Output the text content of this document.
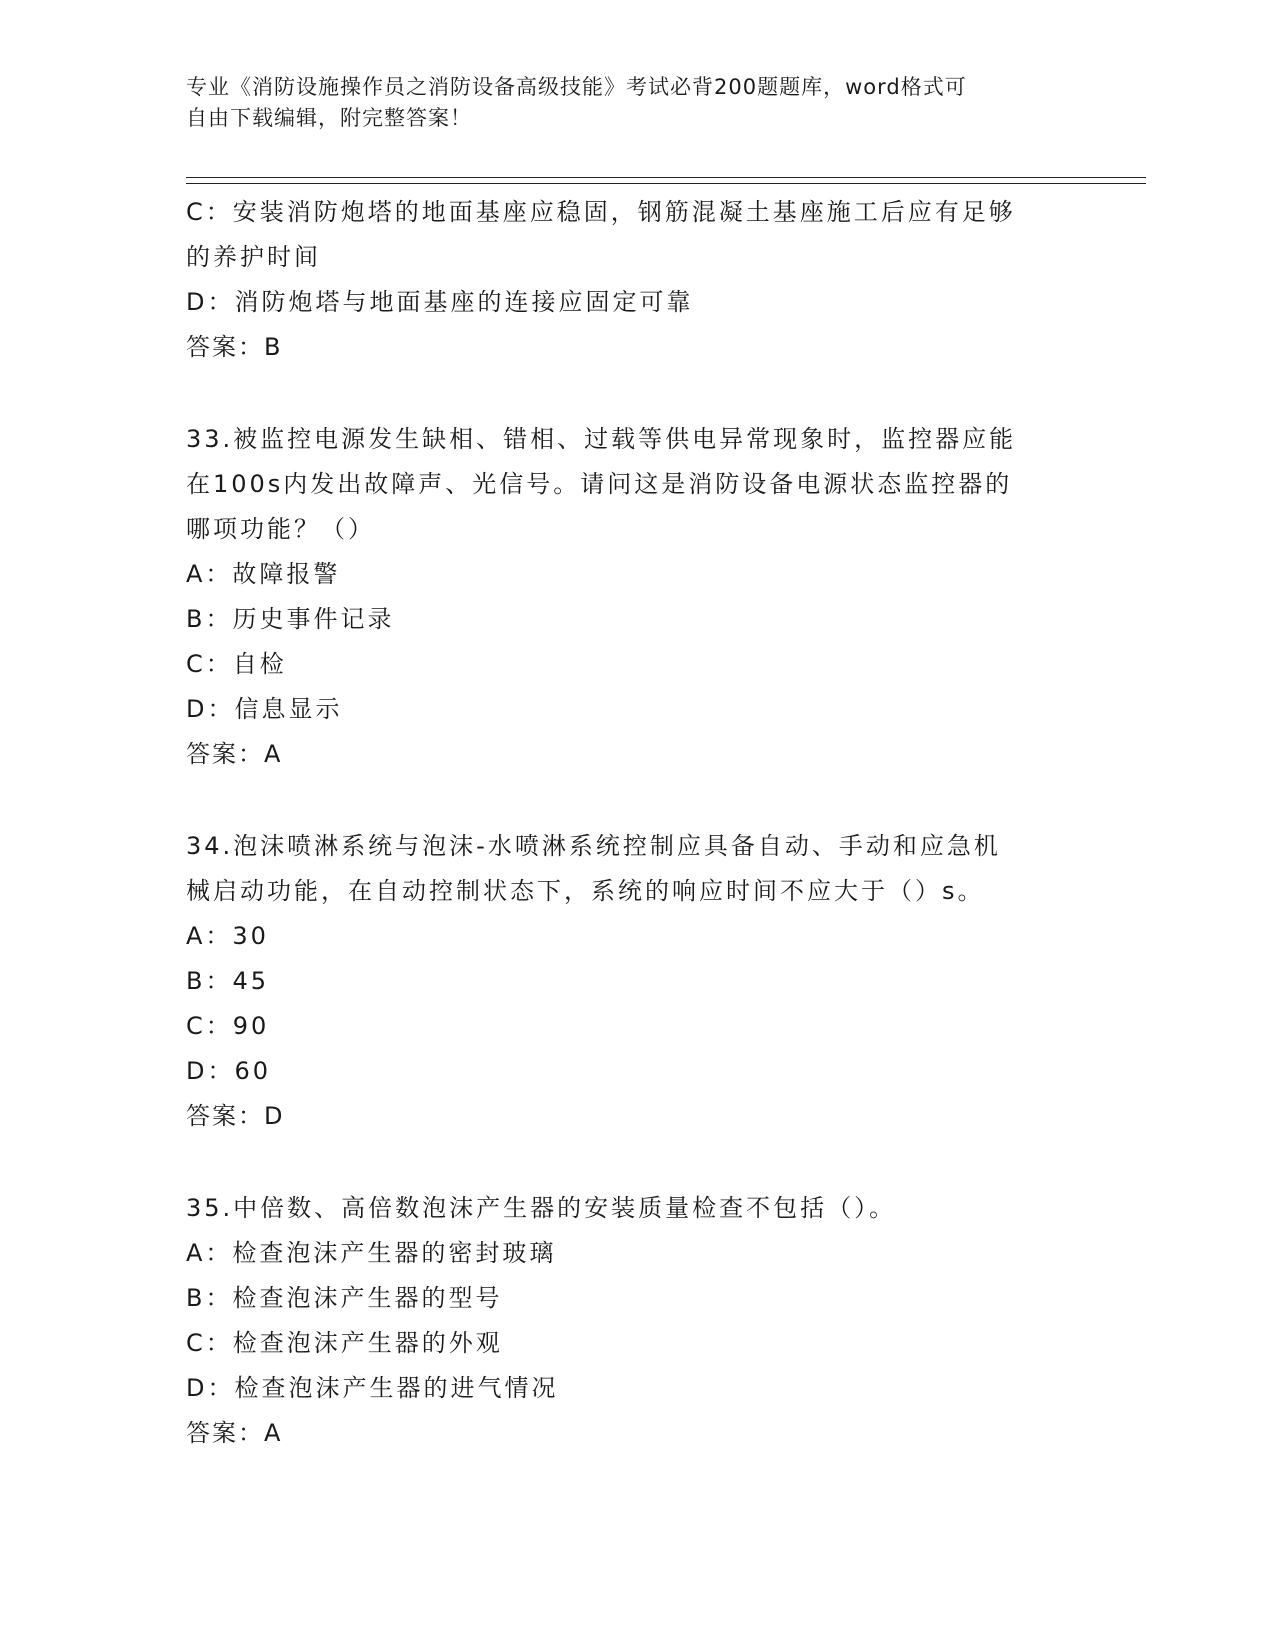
专业《消防设施操作员之消防设备高级技能》考试必背200题题库，word格式可
自由下载编辑，附完整答案！
C：安装消防炮塔的地面基座应稳固，钢筋混凝土基座施工后应有足够
的养护时间
D：消防炮塔与地面基座的连接应固定可靠
答案：B
33.被监控电源发生缺相、错相、过载等供电异常现象时，监控器应能
在100s内发出故障声、光信号。请问这是消防设备电源状态监控器的
哪项功能？（）
A：故障报警
B：历史事件记录
C：自检
D：信息显示
答案：A
34.泡沫喷淋系统与泡沫-水喷淋系统控制应具备自动、手动和应急机
械启动功能，在自动控制状态下，系统的响应时间不应大于（）s。
A：30
B：45
C：90
D：60
答案：D
35.中倍数、高倍数泡沫产生器的安装质量检查不包括（）。
A：检查泡沫产生器的密封玻璃
B：检查泡沫产生器的型号
C：检查泡沫产生器的外观
D：检查泡沫产生器的进气情况
答案：A
